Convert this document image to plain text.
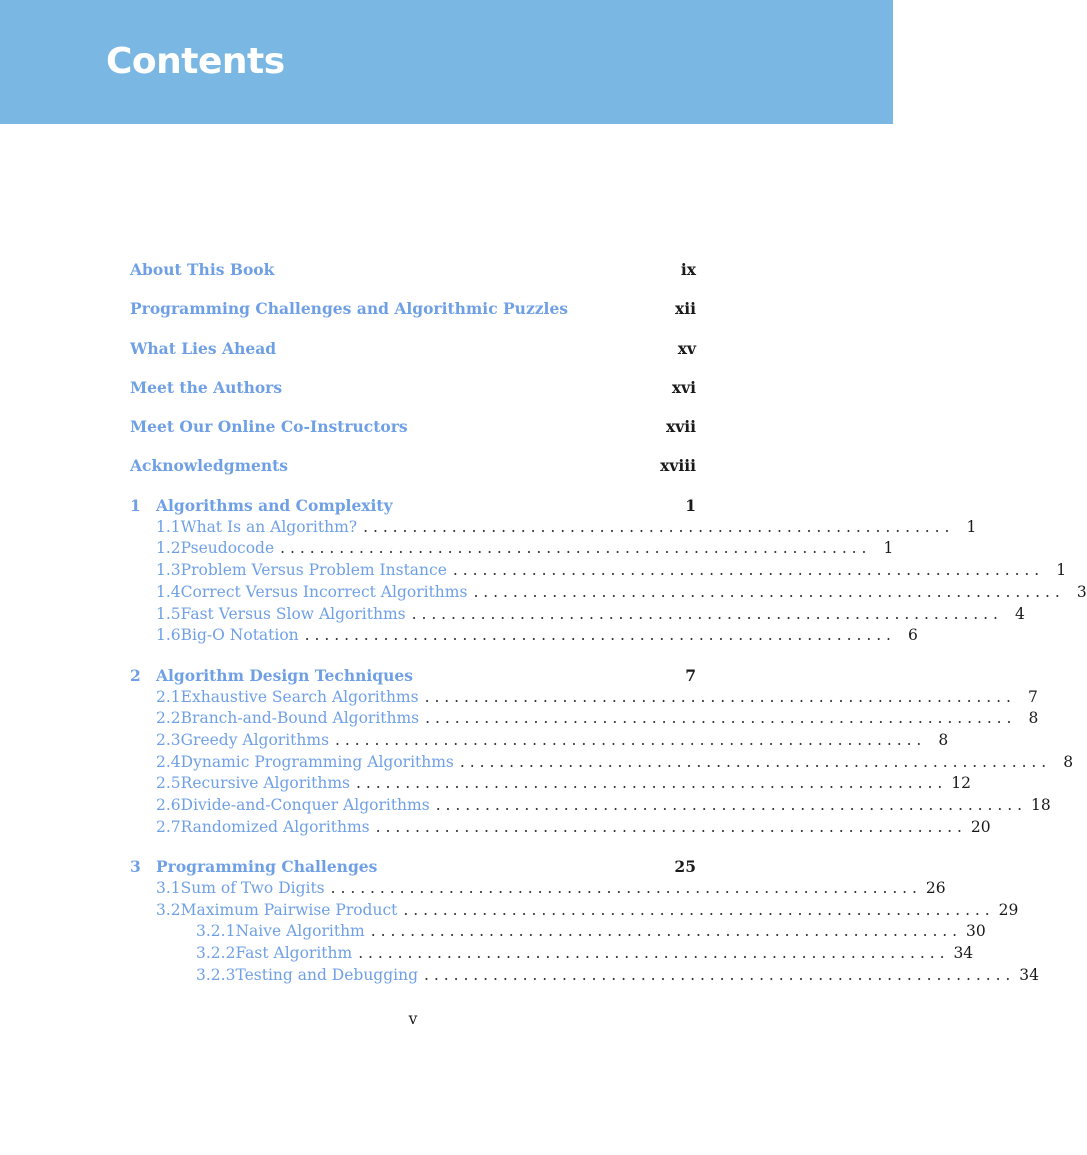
Contents
About This Book	ix
Programming Challenges and Algorithmic Puzzles	xii
What Lies Ahead	xv
Meet the Authors	xvi
Meet Our Online Co-Instructors	xvii
Acknowledgments	xviii
1 Algorithms and Complexity	1
1.1 What Is an Algorithm? . . . . . . . . . . . . . . . . . . . . . . . . . . . . . . . . . . . . . . . . . . . . . . . . . . . . . . . . . . . . 1
1.2 Pseudocode . . . . . . . . . . . . . . . . . . . . . . . . . . . . . . . . . . . . . . . . . . . . . . . . . . . . . . . . . . . . 1
1.3 Problem Versus Problem Instance . . . . . . . . . . . . . . . . . . . . . . . . . . . . . . . . . . . . . . . . . . . . . . . . . . . . . . . . . . . . 1
1.4 Correct Versus Incorrect Algorithms . . . . . . . . . . . . . . . . . . . . . . . . . . . . . . . . . . . . . . . . . . . . . . . . . . . . . . . . . . . . 3
1.5 Fast Versus Slow Algorithms . . . . . . . . . . . . . . . . . . . . . . . . . . . . . . . . . . . . . . . . . . . . . . . . . . . . . . . . . . . . 4
1.6 Big-O Notation . . . . . . . . . . . . . . . . . . . . . . . . . . . . . . . . . . . . . . . . . . . . . . . . . . . . . . . . . . . . 6
2 Algorithm Design Techniques	7
2.1 Exhaustive Search Algorithms . . . . . . . . . . . . . . . . . . . . . . . . . . . . . . . . . . . . . . . . . . . . . . . . . . . . . . . . . . . . 7
2.2 Branch-and-Bound Algorithms . . . . . . . . . . . . . . . . . . . . . . . . . . . . . . . . . . . . . . . . . . . . . . . . . . . . . . . . . . . . 8
2.3 Greedy Algorithms . . . . . . . . . . . . . . . . . . . . . . . . . . . . . . . . . . . . . . . . . . . . . . . . . . . . . . . . . . . . 8
2.4 Dynamic Programming Algorithms . . . . . . . . . . . . . . . . . . . . . . . . . . . . . . . . . . . . . . . . . . . . . . . . . . . . . . . . . . . . 8
2.5 Recursive Algorithms . . . . . . . . . . . . . . . . . . . . . . . . . . . . . . . . . . . . . . . . . . . . . . . . . . . . . . . . . . . . 12
2.6 Divide-and-Conquer Algorithms . . . . . . . . . . . . . . . . . . . . . . . . . . . . . . . . . . . . . . . . . . . . . . . . . . . . . . . . . . . . 18
2.7 Randomized Algorithms . . . . . . . . . . . . . . . . . . . . . . . . . . . . . . . . . . . . . . . . . . . . . . . . . . . . . . . . . . . . 20
3 Programming Challenges	25
3.1 Sum of Two Digits . . . . . . . . . . . . . . . . . . . . . . . . . . . . . . . . . . . . . . . . . . . . . . . . . . . . . . . . . . . . 26
3.2 Maximum Pairwise Product . . . . . . . . . . . . . . . . . . . . . . . . . . . . . . . . . . . . . . . . . . . . . . . . . . . . . . . . . . . . 29
3.2.1 Naive Algorithm . . . . . . . . . . . . . . . . . . . . . . . . . . . . . . . . . . . . . . . . . . . . . . . . . . . . . . . . . . . . 30
3.2.2 Fast Algorithm . . . . . . . . . . . . . . . . . . . . . . . . . . . . . . . . . . . . . . . . . . . . . . . . . . . . . . . . . . . . 34
3.2.3 Testing and Debugging . . . . . . . . . . . . . . . . . . . . . . . . . . . . . . . . . . . . . . . . . . . . . . . . . . . . . . . . . . . . 34
v
